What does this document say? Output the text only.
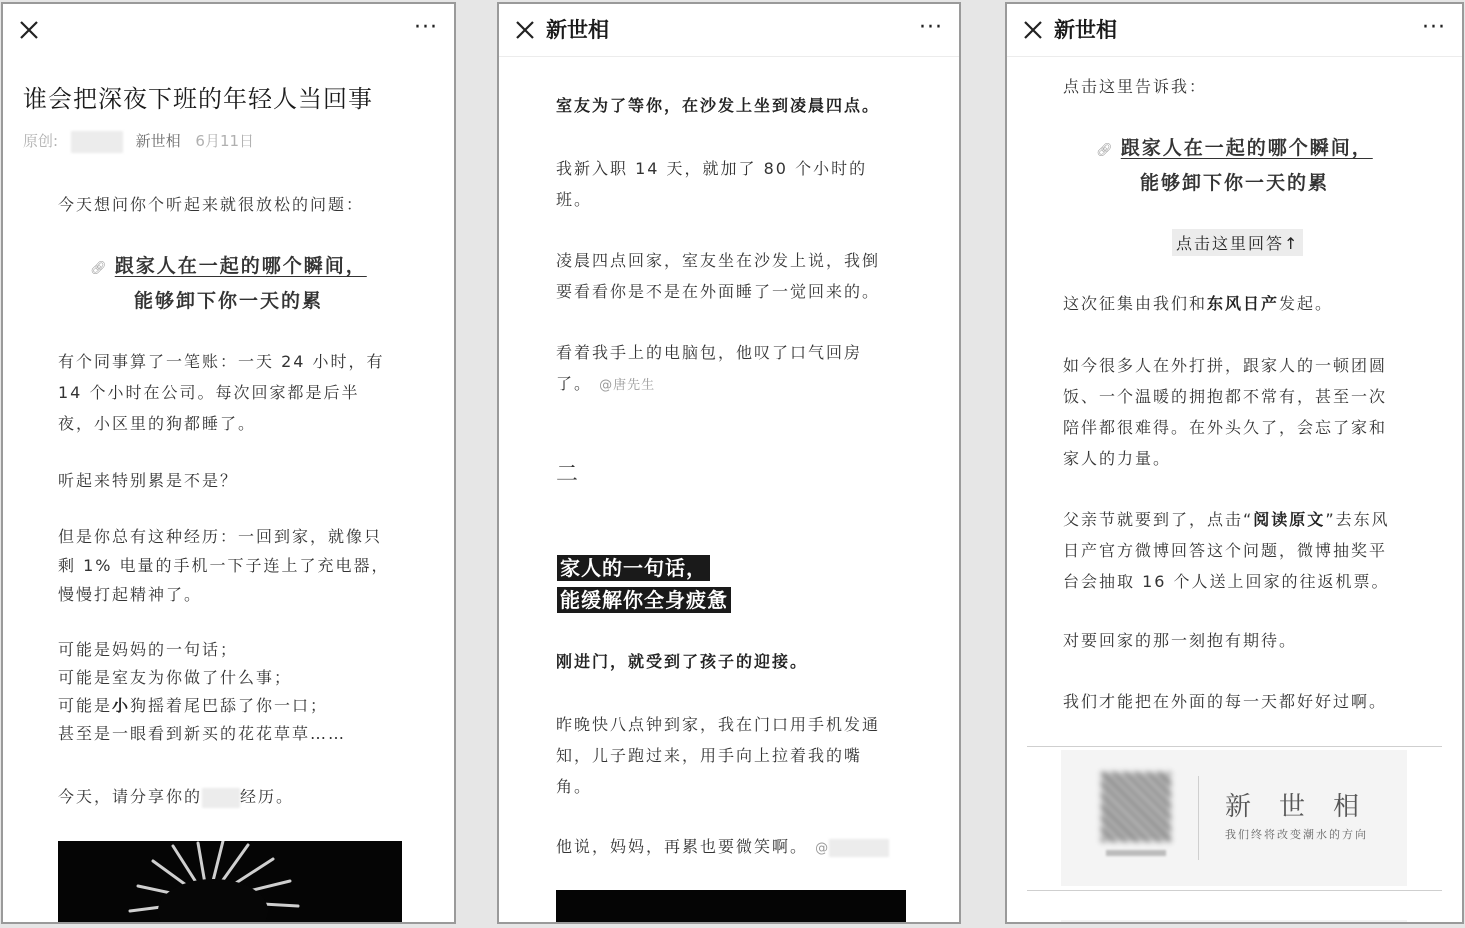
···
谁会把深夜下班的年轻人当回事
原创:	新世相 6月11日
今天想问你个听起来就很放松的问题：
🔗︎ 跟家人在一起的哪个瞬间，
能够卸下你一天的累
有个同事算了一笔账：一天 24 小时，有
14 个小时在公司。每次回家都是后半
夜，小区里的狗都睡了。
听起来特别累是不是？
但是你总有这种经历：一回到家，就像只
剩 1% 电量的手机一下子连上了充电器，
慢慢打起精神了。
可能是妈妈的一句话；
可能是室友为你做了什么事；
可能是小狗摇着尾巴舔了你一口；
甚至是一眼看到新买的花花草草……
今天，请分享你的 经历。
新世相	···
室友为了等你，在沙发上坐到凌晨四点。
我新入职 14 天，就加了 80 个小时的
班。
凌晨四点回家，室友坐在沙发上说，我倒
要看看你是不是在外面睡了一觉回来的。
看着我手上的电脑包，他叹了口气回房
了。 @唐先生
二
家人的一句话，
能缓解你全身疲惫
刚进门，就受到了孩子的迎接。
昨晚快八点钟到家，我在门口用手机发通
知，儿子跑过来，用手向上拉着我的嘴
角。
他说，妈妈，再累也要微笑啊。 @
新世相	···
点击这里告诉我：
🔗︎ 跟家人在一起的哪个瞬间，
能够卸下你一天的累
点击这里回答↑
这次征集由我们和东风日产发起。
如今很多人在外打拼，跟家人的一顿团圆
饭、一个温暖的拥抱都不常有，甚至一次
陪伴都很难得。在外头久了，会忘了家和
家人的力量。
父亲节就要到了，点击“阅读原文”去东风
日产官方微博回答这个问题，微博抽奖平
台会抽取 16 个人送上回家的往返机票。
对要回家的那一刻抱有期待。
我们才能把在外面的每一天都好好过啊。
新世相
我们终将改变潮水的方向
